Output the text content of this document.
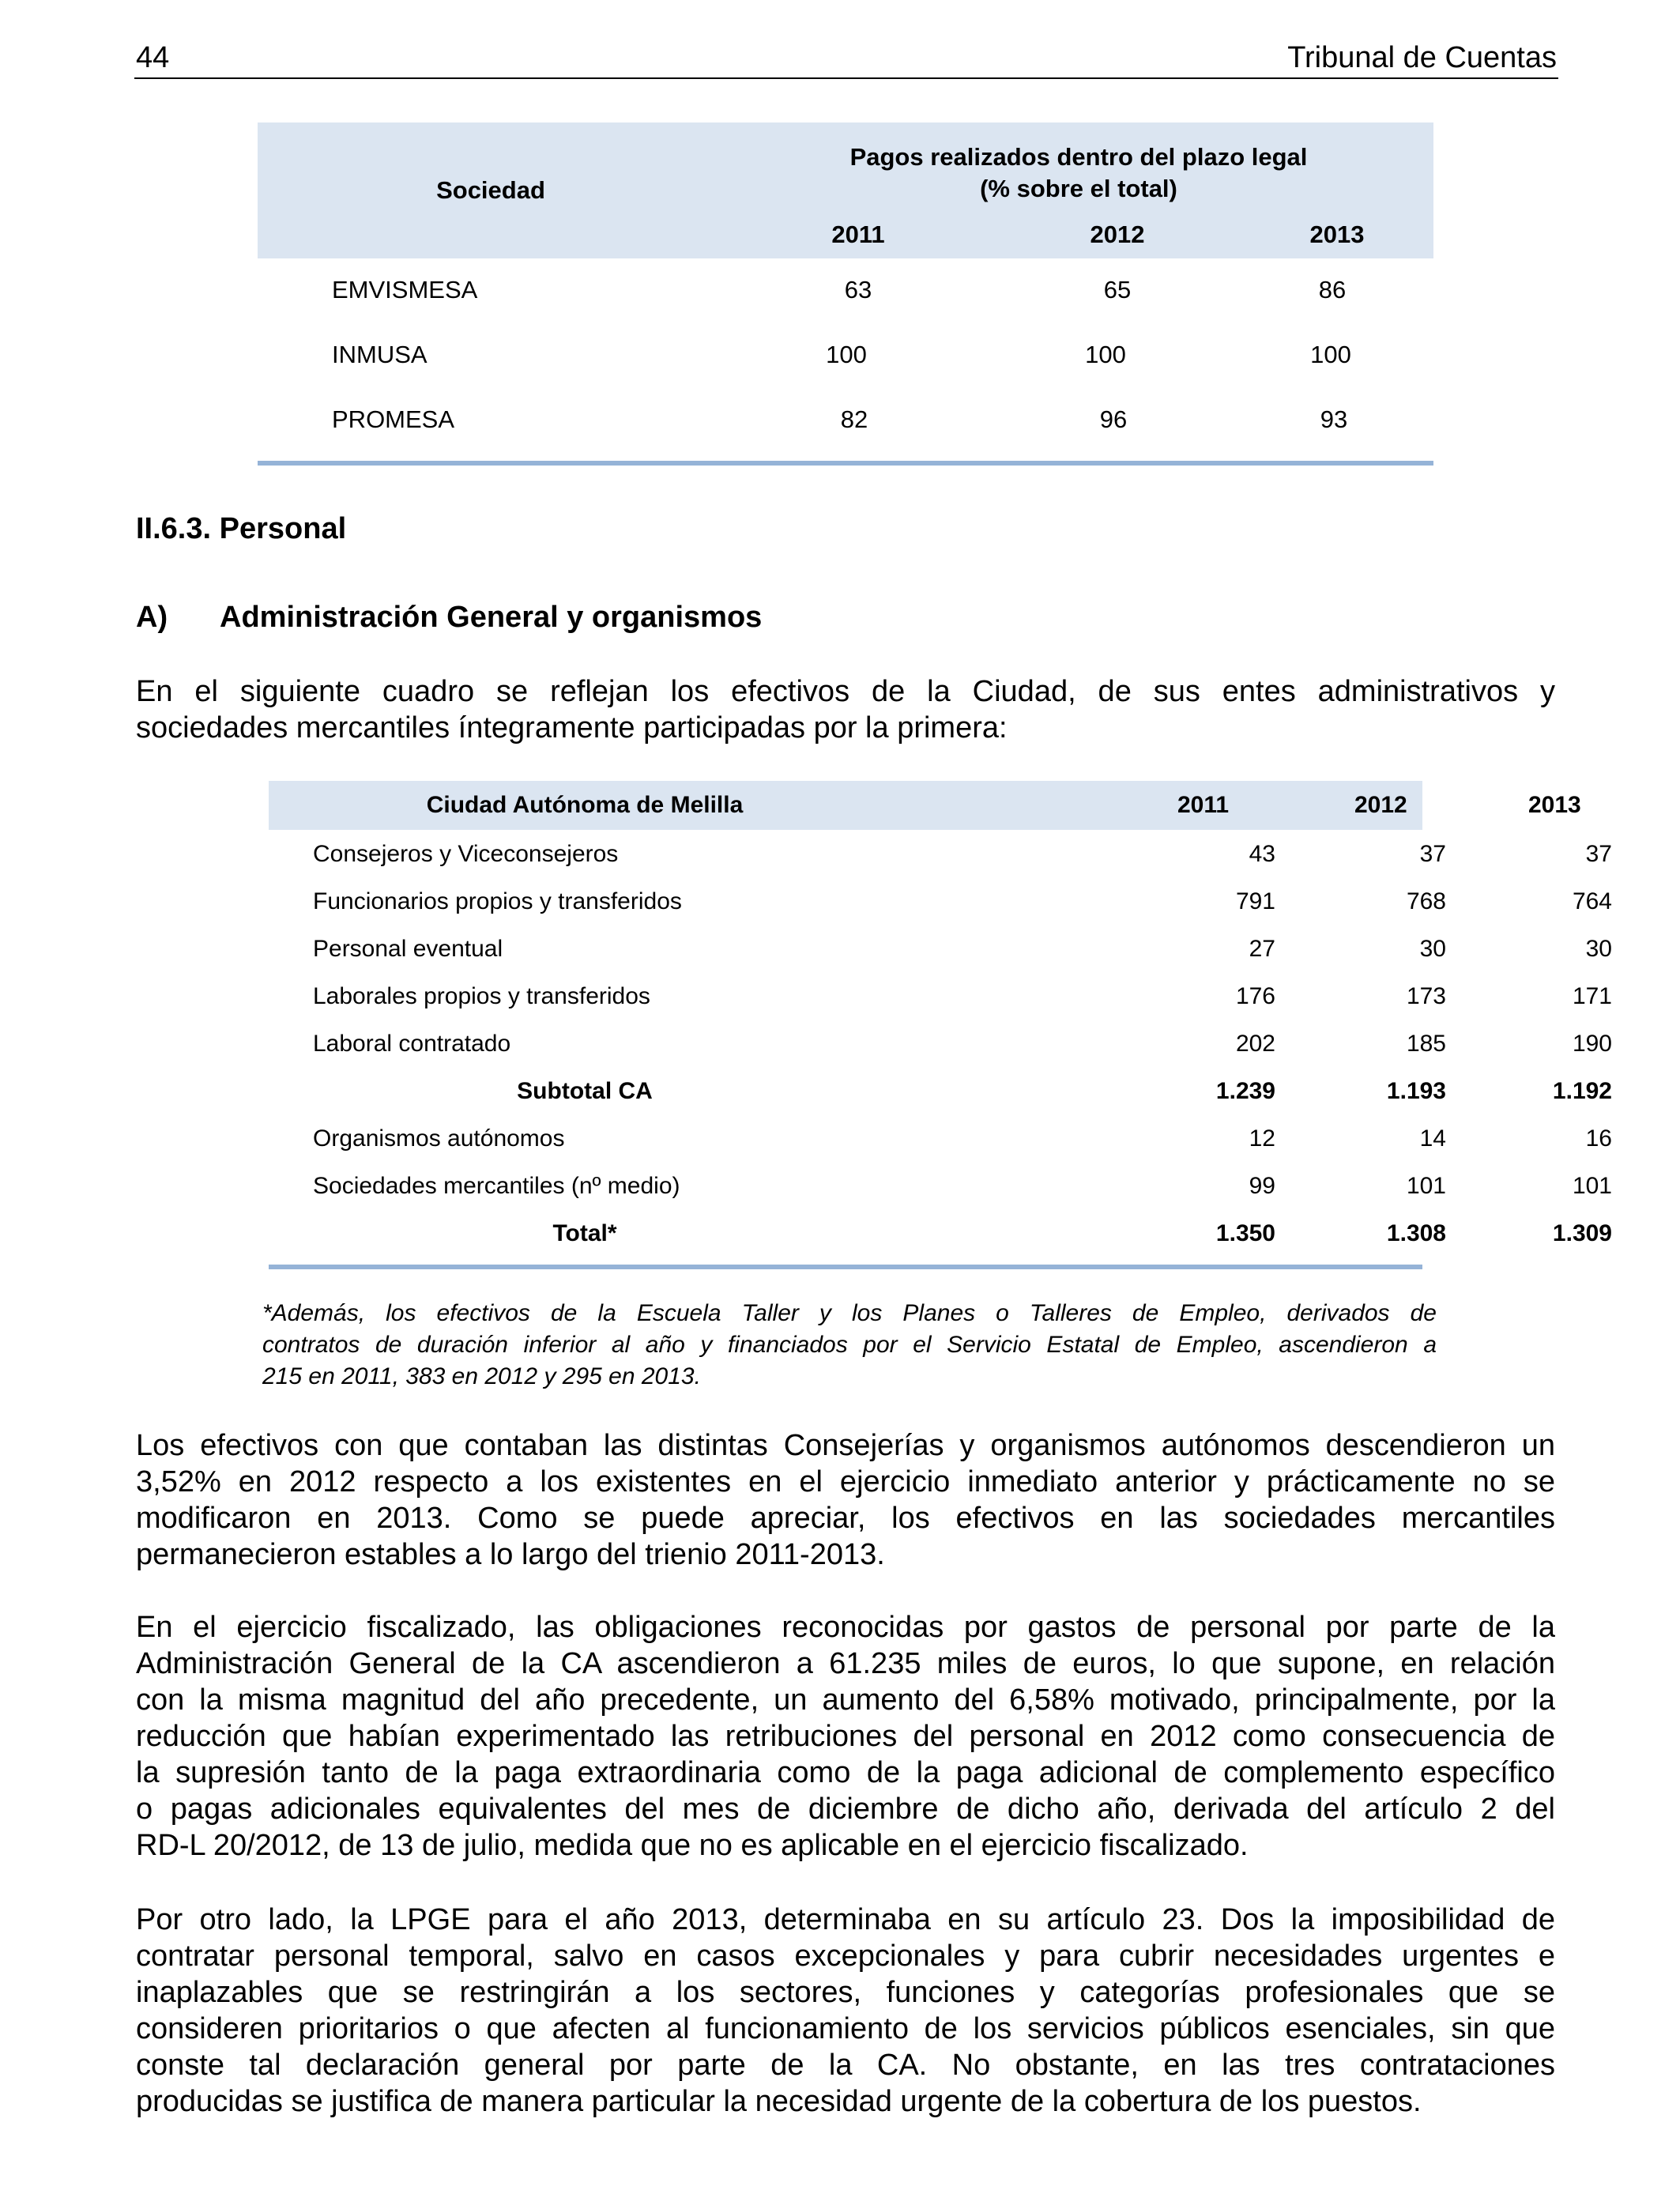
44	Tribunal de Cuentas
Sociedad
Pagos realizados dentro del plazo legal
(% sobre el total)
2011	2012	2013
EMVISMESA	63	65	86
INMUSA	100	100	100
PROMESA	82	96	93
II.6.3. Personal
A) Administración General y organismos
En el siguiente cuadro se reflejan los efectivos de la Ciudad, de sus entes administrativos y
sociedades mercantiles íntegramente participadas por la primera:
Ciudad Autónoma de Melilla	2011	2012	2013
Consejeros y Viceconsejeros	43	37	37
Funcionarios propios y transferidos	791	768	764
Personal eventual	27	30	30
Laborales propios y transferidos	176	173	171
Laboral contratado	202	185	190
Subtotal CA	1.239	1.193	1.192
Organismos autónomos	12	14	16
Sociedades mercantiles (nº medio)	99	101	101
Total*	1.350	1.308	1.309
*Además, los efectivos de la Escuela Taller y los Planes o Talleres de Empleo, derivados de
contratos de duración inferior al año y financiados por el Servicio Estatal de Empleo, ascendieron a
215 en 2011, 383 en 2012 y 295 en 2013.
Los efectivos con que contaban las distintas Consejerías y organismos autónomos descendieron un
3,52% en 2012 respecto a los existentes en el ejercicio inmediato anterior y prácticamente no se
modificaron en 2013. Como se puede apreciar, los efectivos en las sociedades mercantiles
permanecieron estables a lo largo del trienio 2011-2013.
En el ejercicio fiscalizado, las obligaciones reconocidas por gastos de personal por parte de la
Administración General de la CA ascendieron a 61.235 miles de euros, lo que supone, en relación
con la misma magnitud del año precedente, un aumento del 6,58% motivado, principalmente, por la
reducción que habían experimentado las retribuciones del personal en 2012 como consecuencia de
la supresión tanto de la paga extraordinaria como de la paga adicional de complemento específico
o pagas adicionales equivalentes del mes de diciembre de dicho año, derivada del artículo 2 del
RD-L 20/2012, de 13 de julio, medida que no es aplicable en el ejercicio fiscalizado.
Por otro lado, la LPGE para el año 2013, determinaba en su artículo 23. Dos la imposibilidad de
contratar personal temporal, salvo en casos excepcionales y para cubrir necesidades urgentes e
inaplazables que se restringirán a los sectores, funciones y categorías profesionales que se
consideren prioritarios o que afecten al funcionamiento de los servicios públicos esenciales, sin que
conste tal declaración general por parte de la CA. No obstante, en las tres contrataciones
producidas se justifica de manera particular la necesidad urgente de la cobertura de los puestos.
